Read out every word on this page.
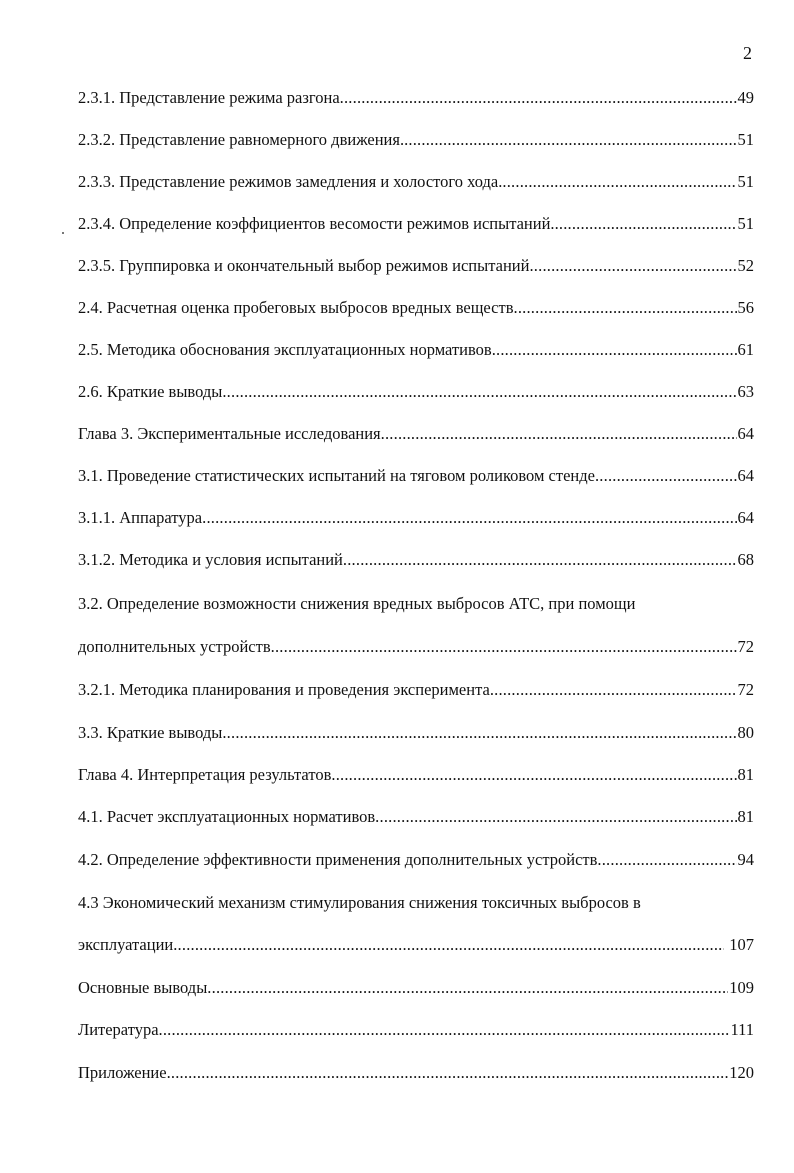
2
2.3.1. Представление режима разгона .....	49
2.3.2. Представление равномерного движения. .....	51
2.3.3. Представление режимов замедления и холостого хода. .....	51
2.3.4. Определение коэффициентов весомости режимов испытаний. .....	51
2.3.5. Группировка и окончательный выбор режимов испытаний .....	52
2.4. Расчетная оценка пробеговых выбросов вредных веществ .....	56
2.5. Методика обоснования эксплуатационных нормативов .....	61
2.6. Краткие выводы .....	63
Глава 3. Экспериментальные исследования .....	64
3.1. Проведение статистических испытаний на тяговом роликовом стенде .....	64
3.1.1. Аппаратура .....	64
3.1.2. Методика и условия испытаний .....	68
3.2. Определение возможности снижения вредных выбросов АТС, при помощи
дополнительных устройств .....	72
3.2.1. Методика планирования и проведения эксперимента .....	72
3.3. Краткие выводы .....	80
Глава 4. Интерпретация результатов .....	81
4.1. Расчет эксплуатационных нормативов .....	81
4.2. Определение эффективности применения дополнительных устройств .....	94
4.3 Экономический механизм стимулирования снижения токсичных выбросов в
эксплуатации .....	107
Основные выводы .....	109
Литература .....	111
Приложение .....	120
